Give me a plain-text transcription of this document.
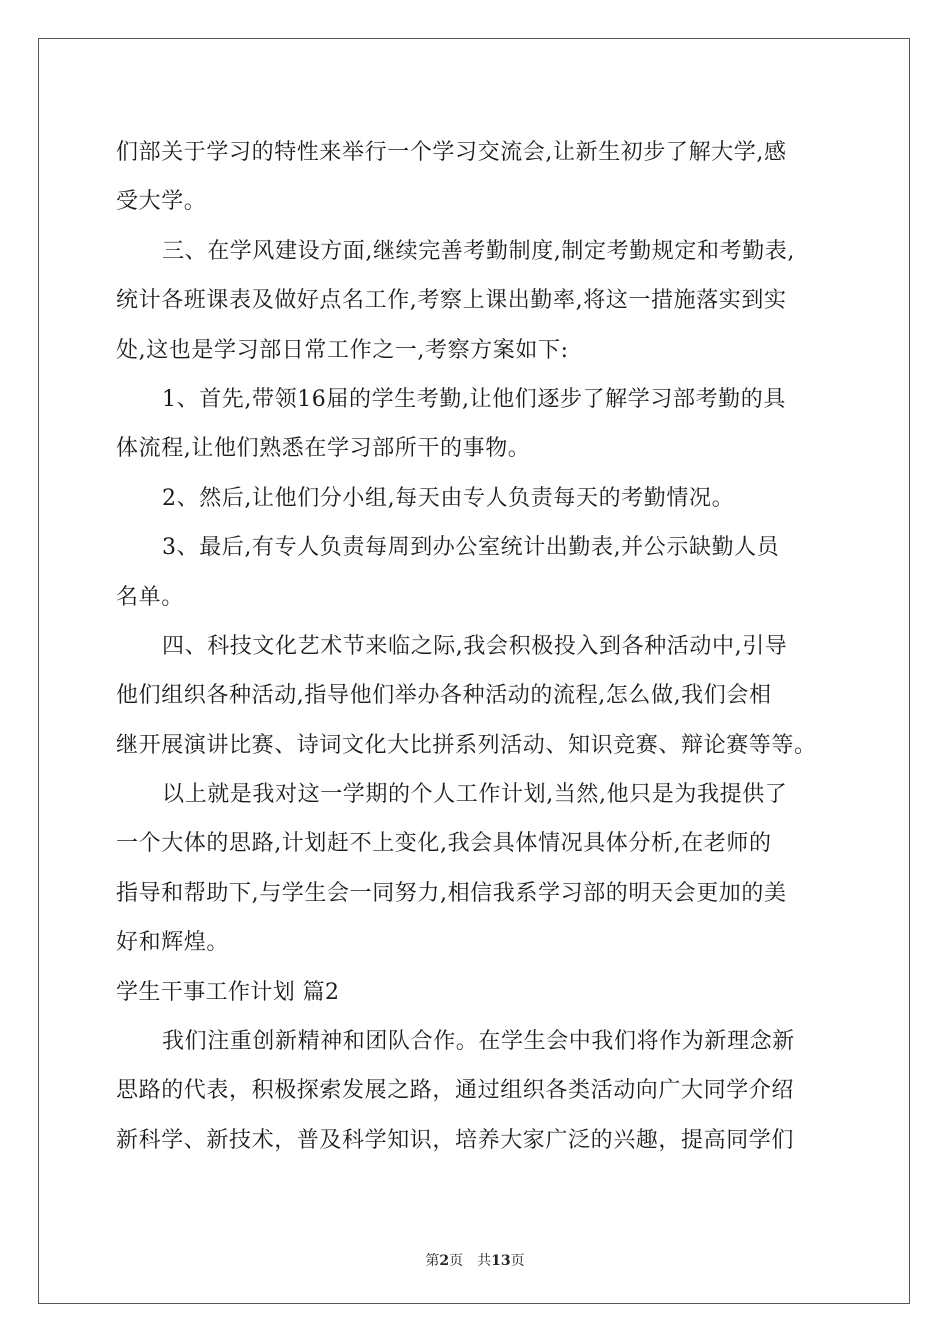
们部关于学习的特性来举行一个学习交流会,让新生初步了解大学,感
受大学。
三、在学风建设方面,继续完善考勤制度,制定考勤规定和考勤表,
统计各班课表及做好点名工作,考察上课出勤率,将这一措施落实到实
处,这也是学习部日常工作之一,考察方案如下:
1、首先,带领16届的学生考勤,让他们逐步了解学习部考勤的具
体流程,让他们熟悉在学习部所干的事物。
2、然后,让他们分小组,每天由专人负责每天的考勤情况。
3、最后,有专人负责每周到办公室统计出勤表,并公示缺勤人员
名单。
四、科技文化艺术节来临之际,我会积极投入到各种活动中,引导
他们组织各种活动,指导他们举办各种活动的流程,怎么做,我们会相
继开展演讲比赛、诗词文化大比拼系列活动、知识竞赛、辩论赛等等。
以上就是我对这一学期的个人工作计划,当然,他只是为我提供了
一个大体的思路,计划赶不上变化,我会具体情况具体分析,在老师的
指导和帮助下,与学生会一同努力,相信我系学习部的明天会更加的美
好和辉煌。
学生干事工作计划 篇2
我们注重创新精神和团队合作。在学生会中我们将作为新理念新
思路的代表，积极探索发展之路，通过组织各类活动向广大同学介绍
新科学、新技术，普及科学知识，培养大家广泛的兴趣，提高同学们
第2页 共13页
